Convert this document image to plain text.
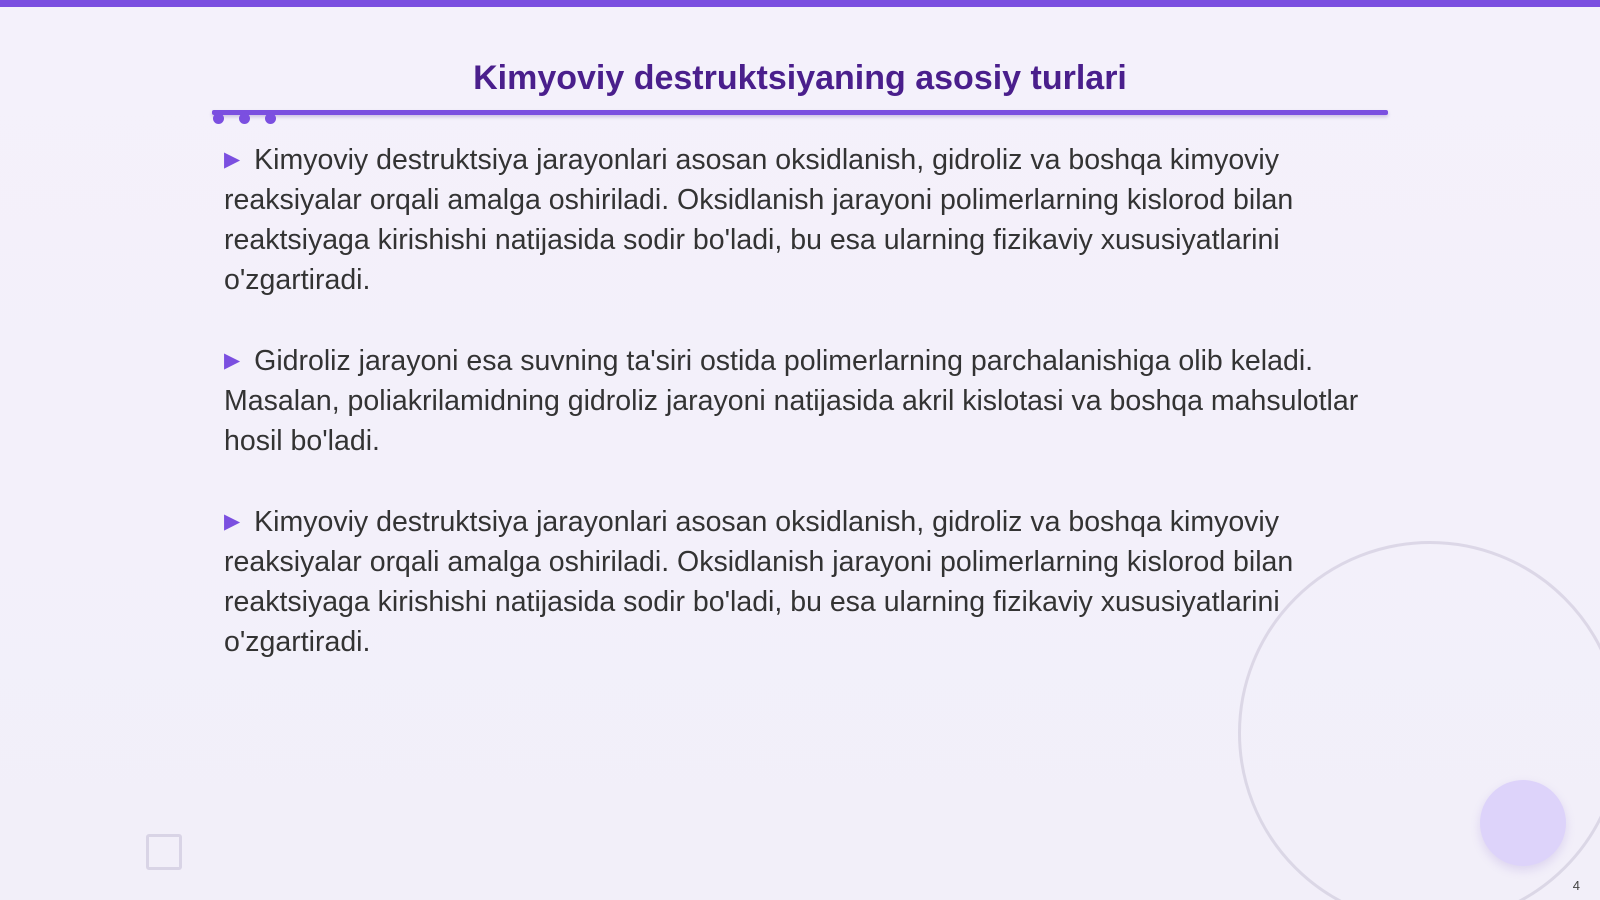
Kimyoviy destruktsiyaning asosiy turlari

▶ Kimyoviy destruktsiya jarayonlari asosan oksidlanish, gidroliz va boshqa kimyoviy reaksiyalar orqali amalga oshiriladi. Oksidlanish jarayoni polimerlarning kislorod bilan reaktsiyaga kirishishi natijasida sodir bo'ladi, bu esa ularning fizikaviy xususiyatlarini o'zgartiradi.

▶ Gidroliz jarayoni esa suvning ta'siri ostida polimerlarning parchalanishiga olib keladi. Masalan, poliakrilamidning gidroliz jarayoni natijasida akril kislotasi va boshqa mahsulotlar hosil bo'ladi.

▶ Kimyoviy destruktsiya jarayonlari asosan oksidlanish, gidroliz va boshqa kimyoviy reaksiyalar orqali amalga oshiriladi. Oksidlanish jarayoni polimerlarning kislorod bilan reaktsiyaga kirishishi natijasida sodir bo'ladi, bu esa ularning fizikaviy xususiyatlarini o'zgartiradi.

4
